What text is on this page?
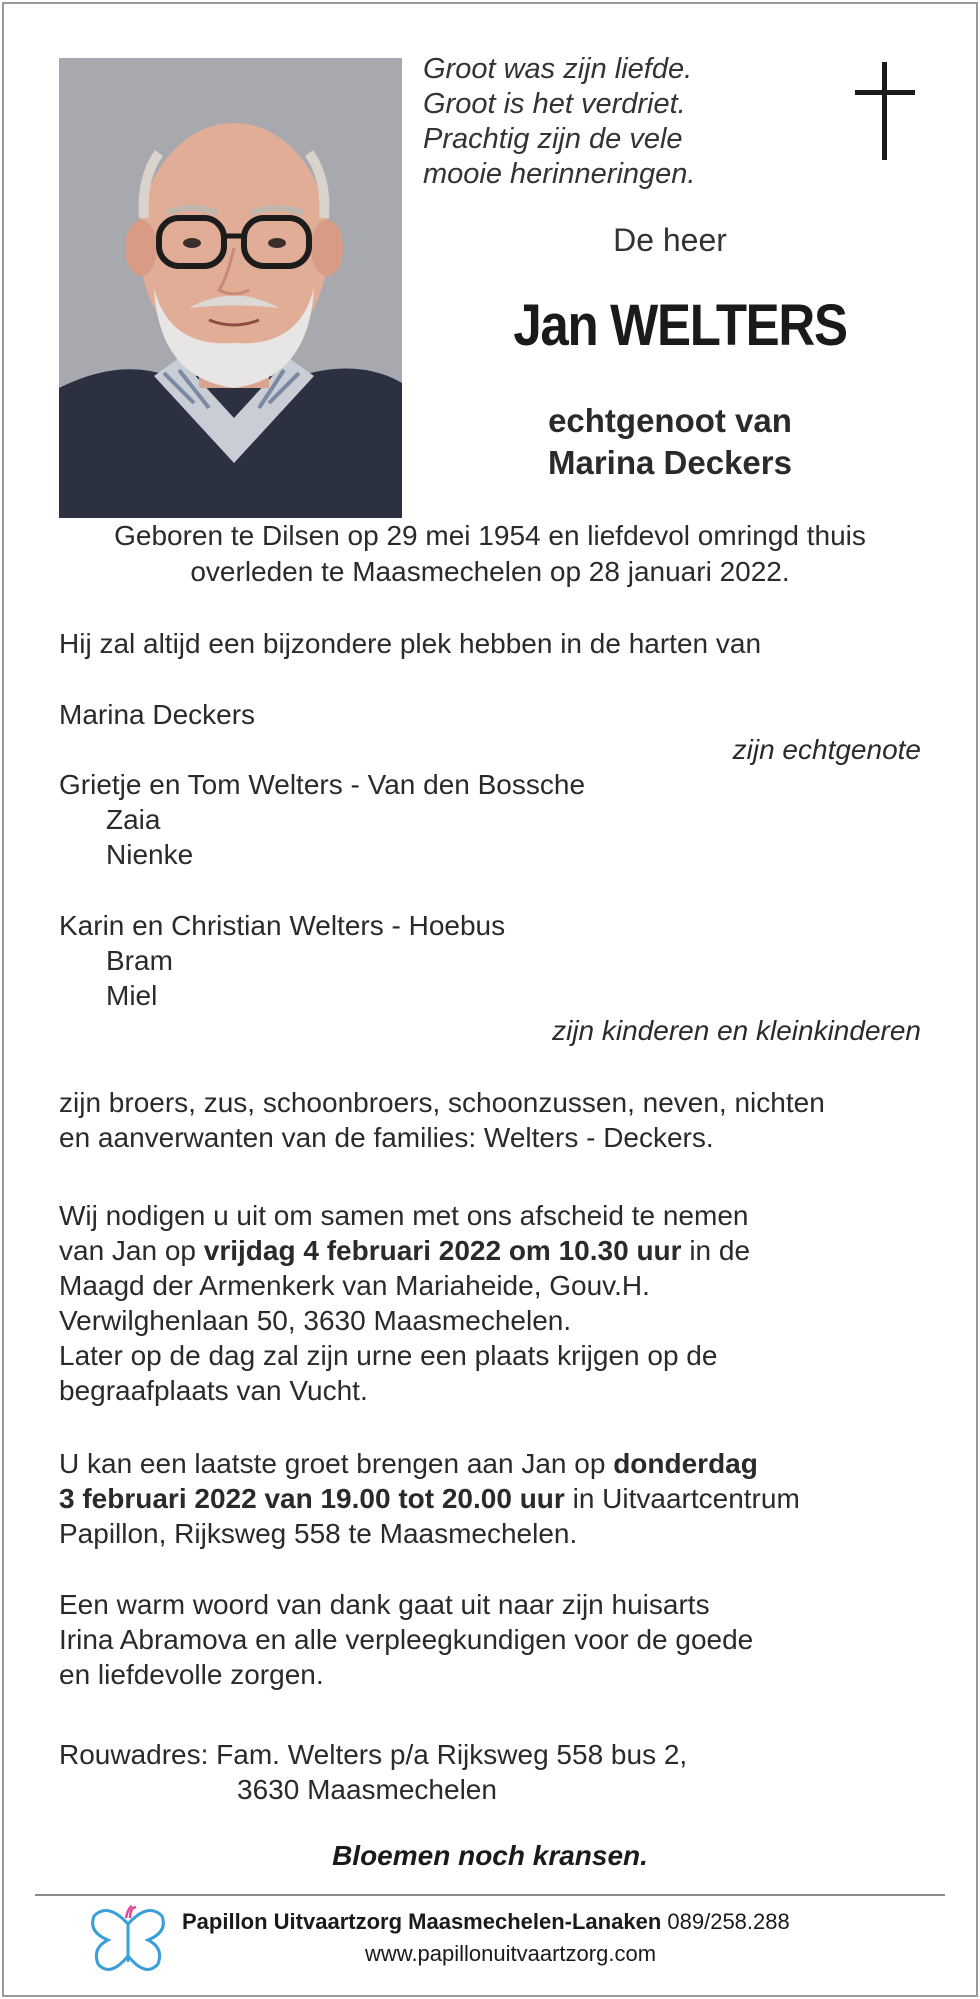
Groot was zijn liefde.
Groot is het verdriet.
Prachtig zijn de vele
mooie herinneringen.
De heer
Jan WELTERS
echtgenoot van
Marina Deckers
Geboren te Dilsen op 29 mei 1954 en liefdevol omringd thuis
overleden te Maasmechelen op 28 januari 2022.
Hij zal altijd een bijzondere plek hebben in de harten van
Marina Deckers
zijn echtgenote
Grietje en Tom Welters - Van den Bossche
Zaia
Nienke
Karin en Christian Welters - Hoebus
Bram
Miel
zijn kinderen en kleinkinderen
zijn broers, zus, schoonbroers, schoonzussen, neven, nichten
en aanverwanten van de families: Welters - Deckers.
Wij nodigen u uit om samen met ons afscheid te nemen
van Jan op vrijdag 4 februari 2022 om 10.30 uur in de
Maagd der Armenkerk van Mariaheide, Gouv.H.
Verwilghenlaan 50, 3630 Maasmechelen.
Later op de dag zal zijn urne een plaats krijgen op de
begraafplaats van Vucht.
U kan een laatste groet brengen aan Jan op donderdag
3 februari 2022 van 19.00 tot 20.00 uur in Uitvaartcentrum
Papillon, Rijksweg 558 te Maasmechelen.
Een warm woord van dank gaat uit naar zijn huisarts
Irina Abramova en alle verpleegkundigen voor de goede
en liefdevolle zorgen.
Rouwadres: Fam. Welters p/a Rijksweg 558 bus 2,
3630 Maasmechelen
Bloemen noch kransen.
Papillon Uitvaartzorg Maasmechelen-Lanaken 089/258.288
www.papillonuitvaartzorg.com
